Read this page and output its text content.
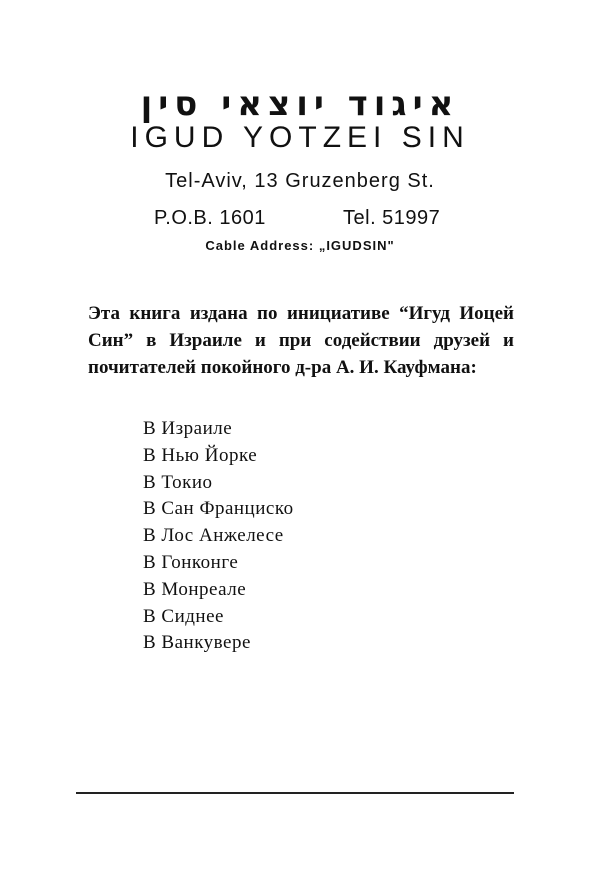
איגוד יוצאי סין
IGUD YOTZEI SIN
Tel-Aviv, 13 Gruzenberg St.
P.O.B. 1601	Tel. 51997
Cable Address: „IGUDSIN"
Эта книга издана по инициативе “Игуд Иоцей Син” в Израиле и при содействии друзей и почитателей покойного д-ра А. И. Кауфмана:
В Израиле
В Нью Йорке
В Токио
В Сан Франциско
В Лос Анжелесе
В Гонконге
В Монреале
В Сиднее
В Ванкувере
